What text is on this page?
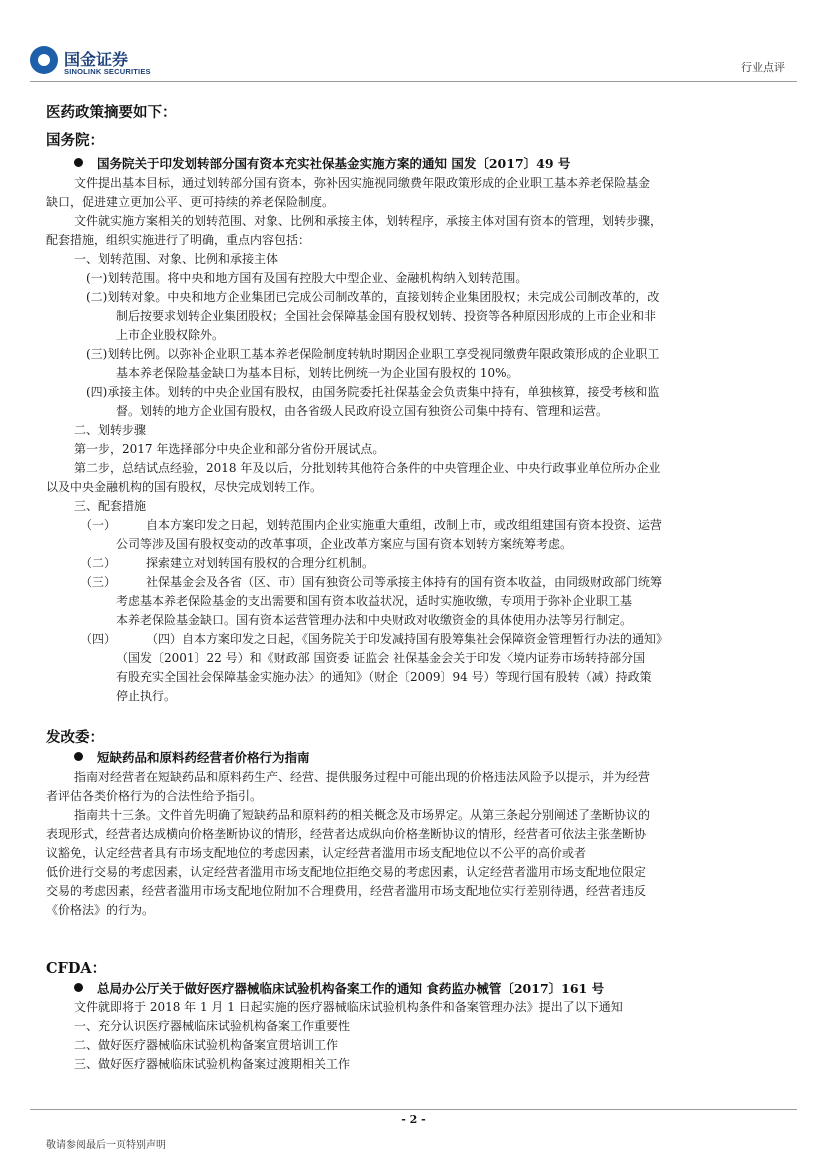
国金证券
SINOLINK SECURITIES	行业点评
医药政策摘要如下：
国务院：
国务院关于印发划转部分国有资本充实社保基金实施方案的通知 国发〔2017〕49 号
文件提出基本目标，通过划转部分国有资本，弥补因实施视同缴费年限政策形成的企业职工基本养老保险基金
缺口，促进建立更加公平、更可持续的养老保险制度。
文件就实施方案相关的划转范围、对象、比例和承接主体，划转程序，承接主体对国有资本的管理，划转步骤，
配套措施，组织实施进行了明确，重点内容包括：
一、划转范围、对象、比例和承接主体
(一)划转范围。将中央和地方国有及国有控股大中型企业、金融机构纳入划转范围。
(二)划转对象。中央和地方企业集团已完成公司制改革的，直接划转企业集团股权；未完成公司制改革的，改
制后按要求划转企业集团股权；全国社会保障基金国有股权划转、投资等各种原因形成的上市企业和非
上市企业股权除外。
(三)划转比例。以弥补企业职工基本养老保险制度转轨时期因企业职工享受视同缴费年限政策形成的企业职工
基本养老保险基金缺口为基本目标，划转比例统一为企业国有股权的 10%。
(四)承接主体。划转的中央企业国有股权，由国务院委托社保基金会负责集中持有，单独核算，接受考核和监
督。划转的地方企业国有股权，由各省级人民政府设立国有独资公司集中持有、管理和运营。
二、划转步骤
第一步，2017 年选择部分中央企业和部分省份开展试点。
第二步，总结试点经验，2018 年及以后，分批划转其他符合条件的中央管理企业、中央行政事业单位所办企业
以及中央金融机构的国有股权，尽快完成划转工作。
三、配套措施
（一） 自本方案印发之日起，划转范围内企业实施重大重组，改制上市，或改组组建国有资本投资、运营
公司等涉及国有股权变动的改革事项，企业改革方案应与国有资本划转方案统筹考虑。
（二） 探索建立对划转国有股权的合理分红机制。
（三） 社保基金会及各省（区、市）国有独资公司等承接主体持有的国有资本收益，由同级财政部门统筹
考虑基本养老保险基金的支出需要和国有资本收益状况，适时实施收缴，专项用于弥补企业职工基
本养老保险基金缺口。国有资本运营管理办法和中央财政对收缴资金的具体使用办法等另行制定。
（四） （四）自本方案印发之日起，《国务院关于印发减持国有股筹集社会保障资金管理暂行办法的通知》
（国发〔2001〕22 号）和《财政部 国资委 证监会 社保基金会关于印发〈境内证券市场转持部分国
有股充实全国社会保障基金实施办法〉的通知》（财企〔2009〕94 号）等现行国有股转（减）持政策
停止执行。
发改委：
短缺药品和原料药经营者价格行为指南
指南对经营者在短缺药品和原料药生产、经营、提供服务过程中可能出现的价格违法风险予以提示，并为经营
者评估各类价格行为的合法性给予指引。
指南共十三条。文件首先明确了短缺药品和原料药的相关概念及市场界定。从第三条起分别阐述了垄断协议的
表现形式，经营者达成横向价格垄断协议的情形，经营者达成纵向价格垄断协议的情形，经营者可依法主张垄断协
议豁免，认定经营者具有市场支配地位的考虑因素，认定经营者滥用市场支配地位以不公平的高价或者
低价进行交易的考虑因素，认定经营者滥用市场支配地位拒绝交易的考虑因素，认定经营者滥用市场支配地位限定
交易的考虑因素，经营者滥用市场支配地位附加不合理费用，经营者滥用市场支配地位实行差别待遇，经营者违反
《价格法》的行为。
CFDA：
总局办公厅关于做好医疗器械临床试验机构备案工作的通知 食药监办械管〔2017〕161 号
文件就即将于 2018 年 1 月 1 日起实施的医疗器械临床试验机构条件和备案管理办法》提出了以下通知
一、充分认识医疗器械临床试验机构备案工作重要性
二、做好医疗器械临床试验机构备案宣贯培训工作
三、做好医疗器械临床试验机构备案过渡期相关工作
- 2 -
敬请参阅最后一页特别声明
